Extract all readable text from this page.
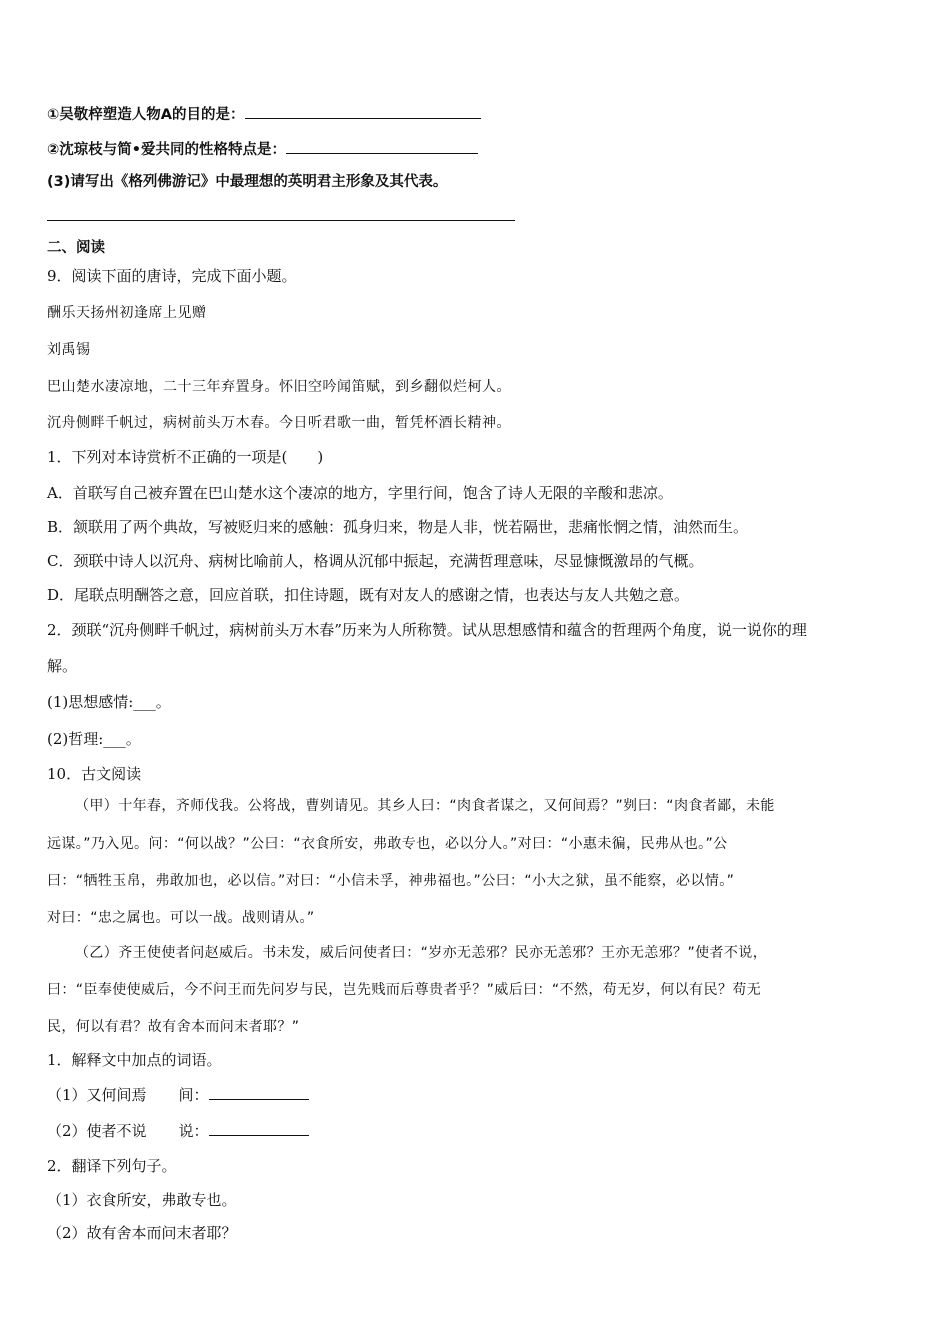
①吴敬梓塑造人物A的目的是：
②沈琼枝与简•爱共同的性格特点是：
(3)请写出《格列佛游记》中最理想的英明君主形象及其代表。
二、阅读
9．阅读下面的唐诗，完成下面小题。
酬乐天扬州初逢席上见赠
刘禹锡
巴山楚水凄凉地，二十三年弃置身。怀旧空吟闻笛赋，到乡翻似烂柯人。
沉舟侧畔千帆过，病树前头万木春。今日听君歌一曲，暂凭杯酒长精神。
1．下列对本诗赏析不正确的一项是(　　)
A．首联写自己被弃置在巴山楚水这个凄凉的地方，字里行间，饱含了诗人无限的辛酸和悲凉。
B．颔联用了两个典故，写被贬归来的感触：孤身归来，物是人非，恍若隔世，悲痛怅惘之情，油然而生。
C．颈联中诗人以沉舟、病树比喻前人，格调从沉郁中振起，充满哲理意味，尽显慷慨激昂的气概。
D．尾联点明酬答之意，回应首联，扣住诗题，既有对友人的感谢之情，也表达与友人共勉之意。
2．颈联“沉舟侧畔千帆过，病树前头万木春”历来为人所称赞。试从思想感情和蕴含的哲理两个角度，说一说你的理
解。
(1)思想感情:___。
(2)哲理:___。
10．古文阅读
（甲）十年春，齐师伐我。公将战，曹刿请见。其乡人曰：“肉食者谋之，又何间焉？”刿曰：“肉食者鄙，未能
远谋。”乃入见。问：“何以战？”公曰：“衣食所安，弗敢专也，必以分人。”对曰：“小惠未徧，民弗从也。”公
曰：“牺牲玉帛，弗敢加也，必以信。”对曰：“小信未孚，神弗福也。”公曰：“小大之狱，虽不能察，必以情。”
对曰：“忠之属也。可以一战。战则请从。”
（乙）齐王使使者问赵威后。书未发，威后问使者曰：“岁亦无恙邪？民亦无恙邪？王亦无恙邪？”使者不说，
曰：“臣奉使使威后，今不问王而先问岁与民，岂先贱而后尊贵者乎？”威后曰：“不然，苟无岁，何以有民？苟无
民，何以有君？故有舍本而问末者耶？”
1．解释文中加点的词语。
（1）又何间焉 间：
（2）使者不说 说：
2．翻译下列句子。
（1）衣食所安，弗敢专也。
（2）故有舍本而问末者耶？
